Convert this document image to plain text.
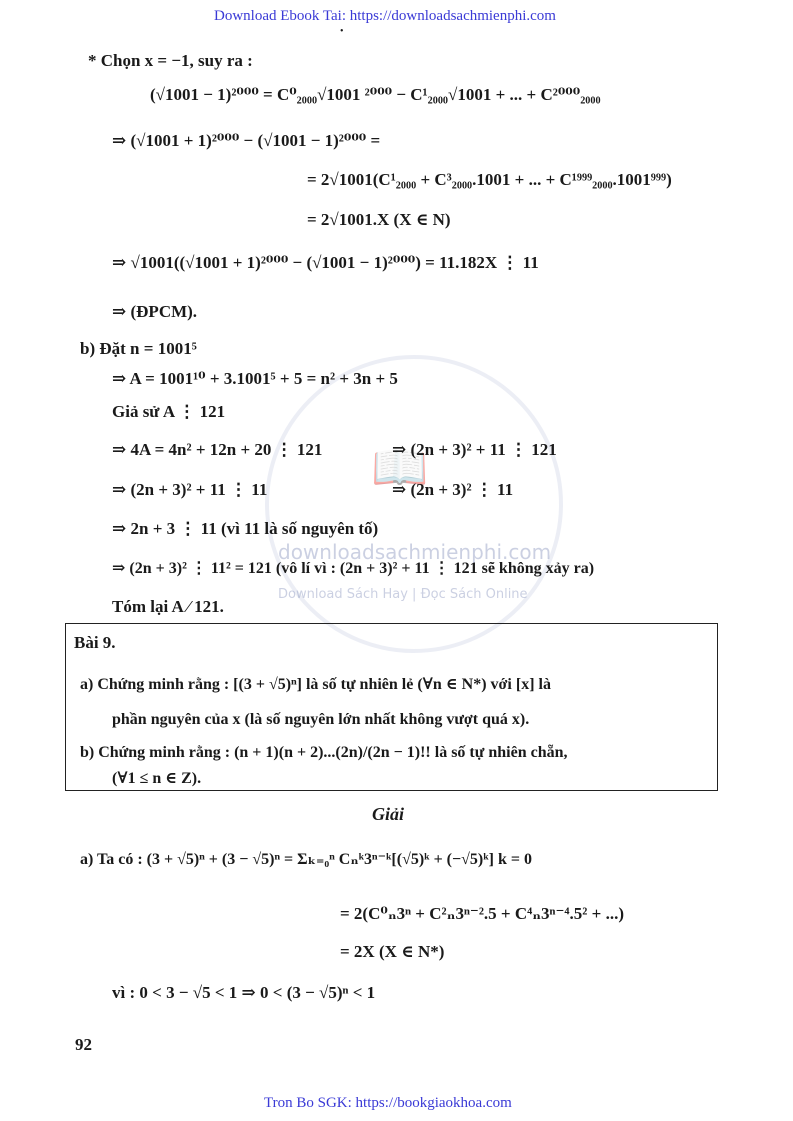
Download Ebook Tai: https://downloadsachmienphi.com
•
📖
downloadsachmienphi.com
Download Sách Hay | Đọc Sách Online
* Chọn x = −1, suy ra :
(√1001 − 1)²⁰⁰⁰ = C⁰₂₀₀₀√1001 ²⁰⁰⁰ − C¹₂₀₀₀√1001 + ... + C²⁰⁰⁰₂₀₀₀
⇒ (√1001 + 1)²⁰⁰⁰ − (√1001 − 1)²⁰⁰⁰ =
= 2√1001(C¹₂₀₀₀ + C³₂₀₀₀.1001 + ... + C¹⁹⁹⁹₂₀₀₀.1001⁹⁹⁹)
= 2√1001.X (X ∈ N)
⇒ √1001((√1001 + 1)²⁰⁰⁰ − (√1001 − 1)²⁰⁰⁰) = 11.182X ⋮ 11
⇒ (ĐPCM).
b) Đặt n = 1001⁵
⇒ A = 1001¹⁰ + 3.1001⁵ + 5 = n² + 3n + 5
Giả sử A ⋮ 121
⇒ 4A = 4n² + 12n + 20 ⋮ 121	⇒ (2n + 3)² + 11 ⋮ 121
⇒ (2n + 3)² + 11 ⋮ 11	⇒ (2n + 3)² ⋮ 11
⇒ 2n + 3 ⋮ 11 (vì 11 là số nguyên tố)
⇒ (2n + 3)² ⋮ 11² = 121 (vô lí vì : (2n + 3)² + 11 ⋮ 121 sẽ không xảy ra)
Tóm lại A ⁄ 121.
Bài 9.
a) Chứng minh rằng : [(3 + √5)ⁿ] là số tự nhiên lẻ (∀n ∈ N*) với [x] là
phần nguyên của x (là số nguyên lớn nhất không vượt quá x).
b) Chứng minh rằng : (n + 1)(n + 2)...(2n)/(2n − 1)!! là số tự nhiên chẵn,
(∀1 ≤ n ∈ Z).
Giải
a) Ta có : (3 + √5)ⁿ + (3 − √5)ⁿ = Σₖ₌₀ⁿ Cₙᵏ3ⁿ⁻ᵏ[(√5)ᵏ + (−√5)ᵏ] k = 0
= 2(C⁰ₙ3ⁿ + C²ₙ3ⁿ⁻².5 + C⁴ₙ3ⁿ⁻⁴.5² + ...)
= 2X (X ∈ N*)
vì : 0 < 3 − √5 < 1 ⇒ 0 < (3 − √5)ⁿ < 1
92
Tron Bo SGK: https://bookgiaokhoa.com
